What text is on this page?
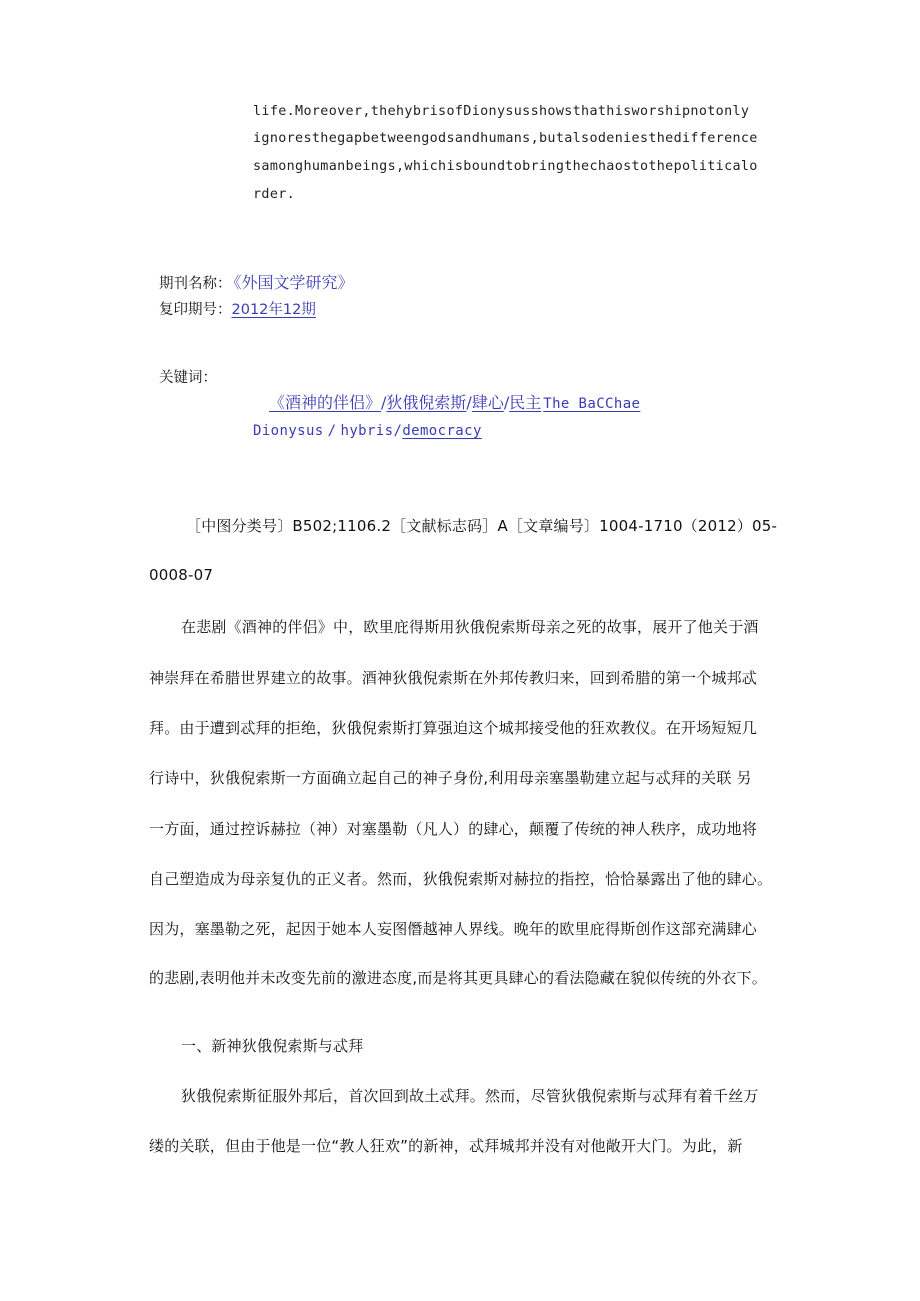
life.Moreover,thehybrisofDionysusshowsthathisworshipnotonly
ignoresthegapbetweengodsandhumans,butalsodeniesthedifference
samonghumanbeings,whichisboundtobringthechaostothepoliticalo
rder.
期刊名称： 《外国文学研究》
复印期号：2012年12期
关键词：
《酒神的伴侣》/狄俄倪索斯/肆心/民主 The BaCChae
Dionysus / hybris/democracy
［中图分类号〕B502;1106.2［文献标志码］A［文章编号〕1004-1710（2012）05-
0008-07
在悲剧《酒神的伴侣》中，欧里庇得斯用狄俄倪索斯母亲之死的故事，展开了他关于酒
神崇拜在希腊世界建立的故事。酒神狄俄倪索斯在外邦传教归来，回到希腊的第一个城邦忒
拜。由于遭到忒拜的拒绝，狄俄倪索斯打算强迫这个城邦接受他的狂欢教仪。在开场短短几
行诗中，狄俄倪索斯一方面确立起自己的神子身份,利用母亲塞墨勒建立起与忒拜的关联 另
一方面，通过控诉赫拉（神）对塞墨勒（凡人）的肆心，颠覆了传统的神人秩序，成功地将
自己塑造成为母亲复仇的正义者。然而，狄俄倪索斯对赫拉的指控，恰恰暴露出了他的肆心。
因为，塞墨勒之死，起因于她本人妄图僭越神人界线。晚年的欧里庇得斯创作这部充满肆心
的悲剧,表明他并未改变先前的激进态度,而是将其更具肆心的看法隐藏在貌似传统的外衣下。
一、新神狄俄倪索斯与忒拜
狄俄倪索斯征服外邦后，首次回到故土忒拜。然而，尽管狄俄倪索斯与忒拜有着千丝万
缕的关联，但由于他是一位“教人狂欢”的新神，忒拜城邦并没有对他敞开大门。为此，新
